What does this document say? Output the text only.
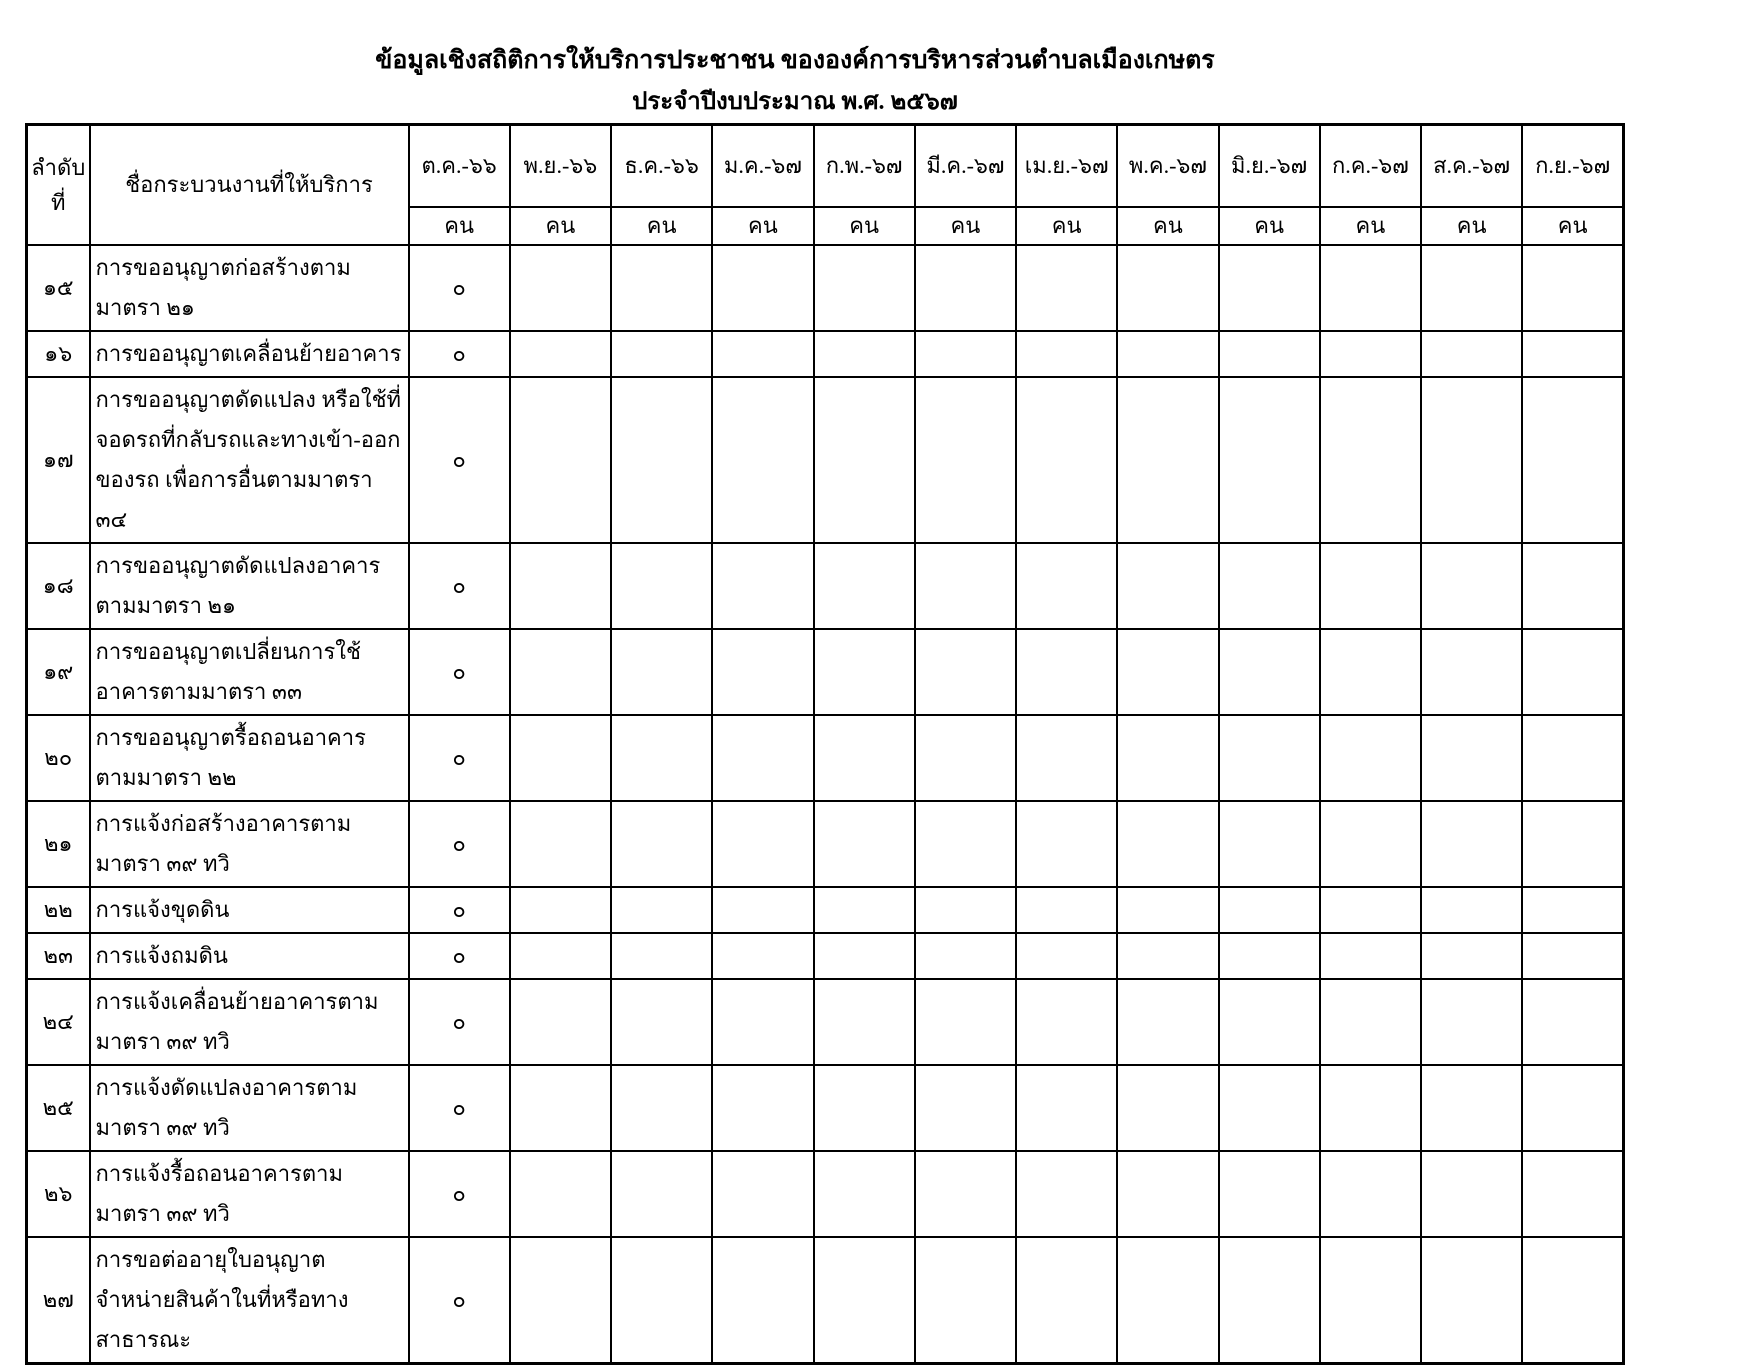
ข้อมูลเชิงสถิติการให้บริการประชาชน ขององค์การบริหารส่วนตำบลเมืองเกษตร
ประจำปีงบประมาณ พ.ศ. ๒๕๖๗
ลำดับที่	ชื่อกระบวนงานที่ให้บริการ	ต.ค.-๖๖	พ.ย.-๖๖	ธ.ค.-๖๖	ม.ค.-๖๗	ก.พ.-๖๗	มี.ค.-๖๗	เม.ย.-๖๗	พ.ค.-๖๗	มิ.ย.-๖๗	ก.ค.-๖๗	ส.ค.-๖๗	ก.ย.-๖๗
		คน	คน	คน	คน	คน	คน	คน	คน	คน	คน	คน	คน
๑๕	การขออนุญาตก่อสร้างตามมาตรา ๒๑	๐											
๑๖	การขออนุญาตเคลื่อนย้ายอาคาร	๐											
๑๗	การขออนุญาตดัดแปลง หรือใช้ที่จอดรถที่กลับรถและทางเข้า-ออกของรถ เพื่อการอื่นตามมาตรา ๓๔	๐											
๑๘	การขออนุญาตดัดแปลงอาคาร ตามมาตรา ๒๑	๐											
๑๙	การขออนุญาตเปลี่ยนการใช้อาคารตามมาตรา ๓๓	๐											
๒๐	การขออนุญาตรื้อถอนอาคาร ตามมาตรา ๒๒	๐											
๒๑	การแจ้งก่อสร้างอาคารตามมาตรา ๓๙ ทวิ	๐											
๒๒	การแจ้งขุดดิน	๐											
๒๓	การแจ้งถมดิน	๐											
๒๔	การแจ้งเคลื่อนย้ายอาคารตามมาตรา ๓๙ ทวิ	๐											
๒๕	การแจ้งดัดแปลงอาคารตามมาตรา ๓๙ ทวิ	๐											
๒๖	การแจ้งรื้อถอนอาคารตามมาตรา ๓๙ ทวิ	๐											
๒๗	การขอต่ออายุใบอนุญาตจำหน่ายสินค้าในที่หรือทางสาธารณะ	๐											
